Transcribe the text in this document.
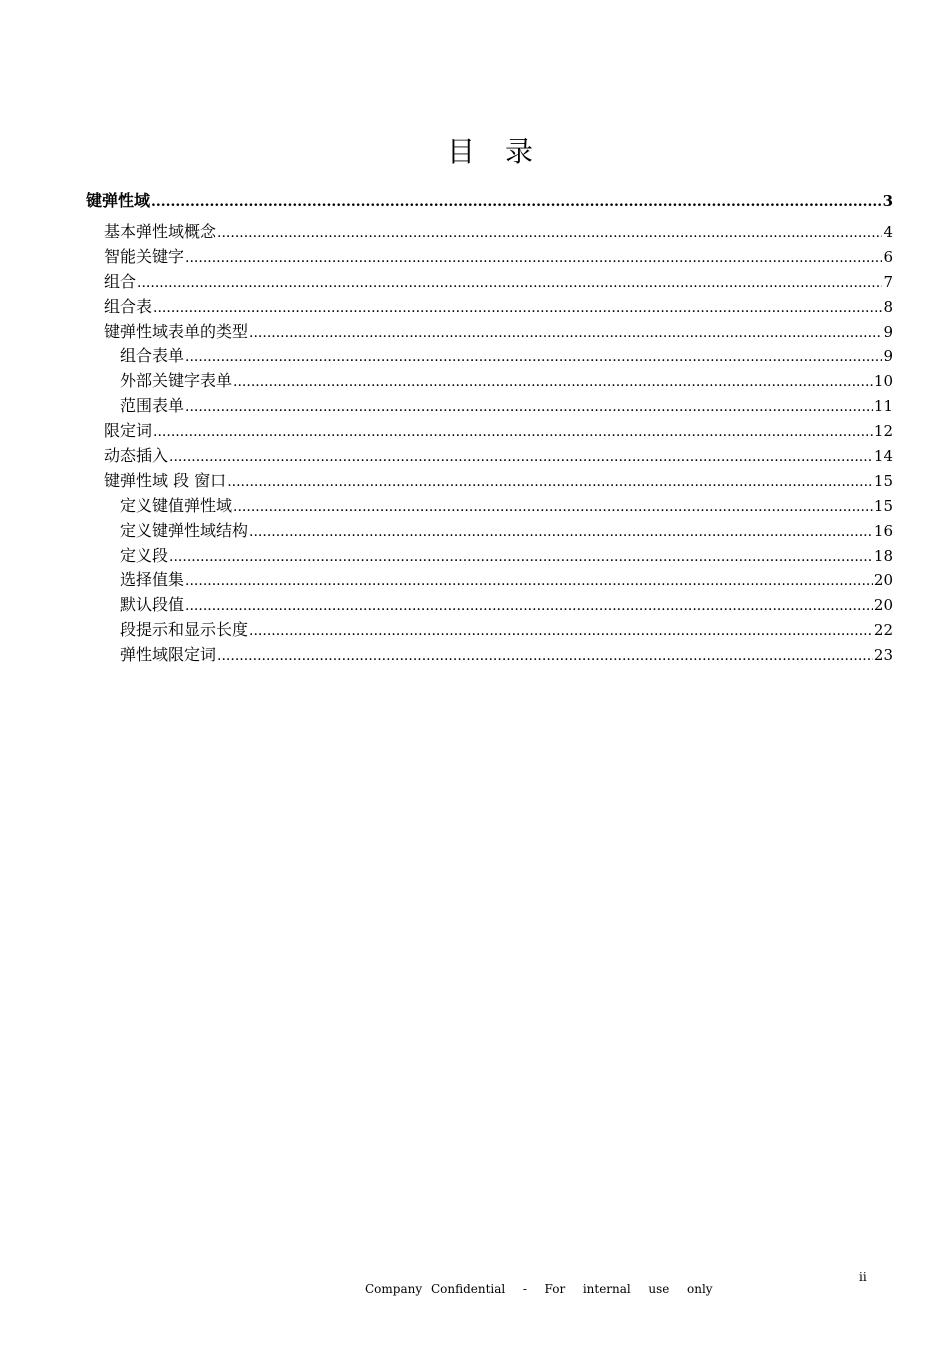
目 录
键弹性域 .....	3
基本弹性域概念 .....	4
智能关键字 .....	6
组合 .....	7
组合表 .....	8
键弹性域表单的类型 .....	9
组合表单 .....	9
外部关键字表单 .....	10
范围表单 .....	11
限定词 .....	12
动态插入 .....	14
键弹性域 段 窗口 .....	15
定义键值弹性域 .....	15
定义键弹性域结构 .....	16
定义段 .....	18
选择值集 .....	20
默认段值 .....	20
段提示和显示长度 .....	22
弹性域限定词 .....	23
ii
Company Confidential  -  For  internal  use  only
